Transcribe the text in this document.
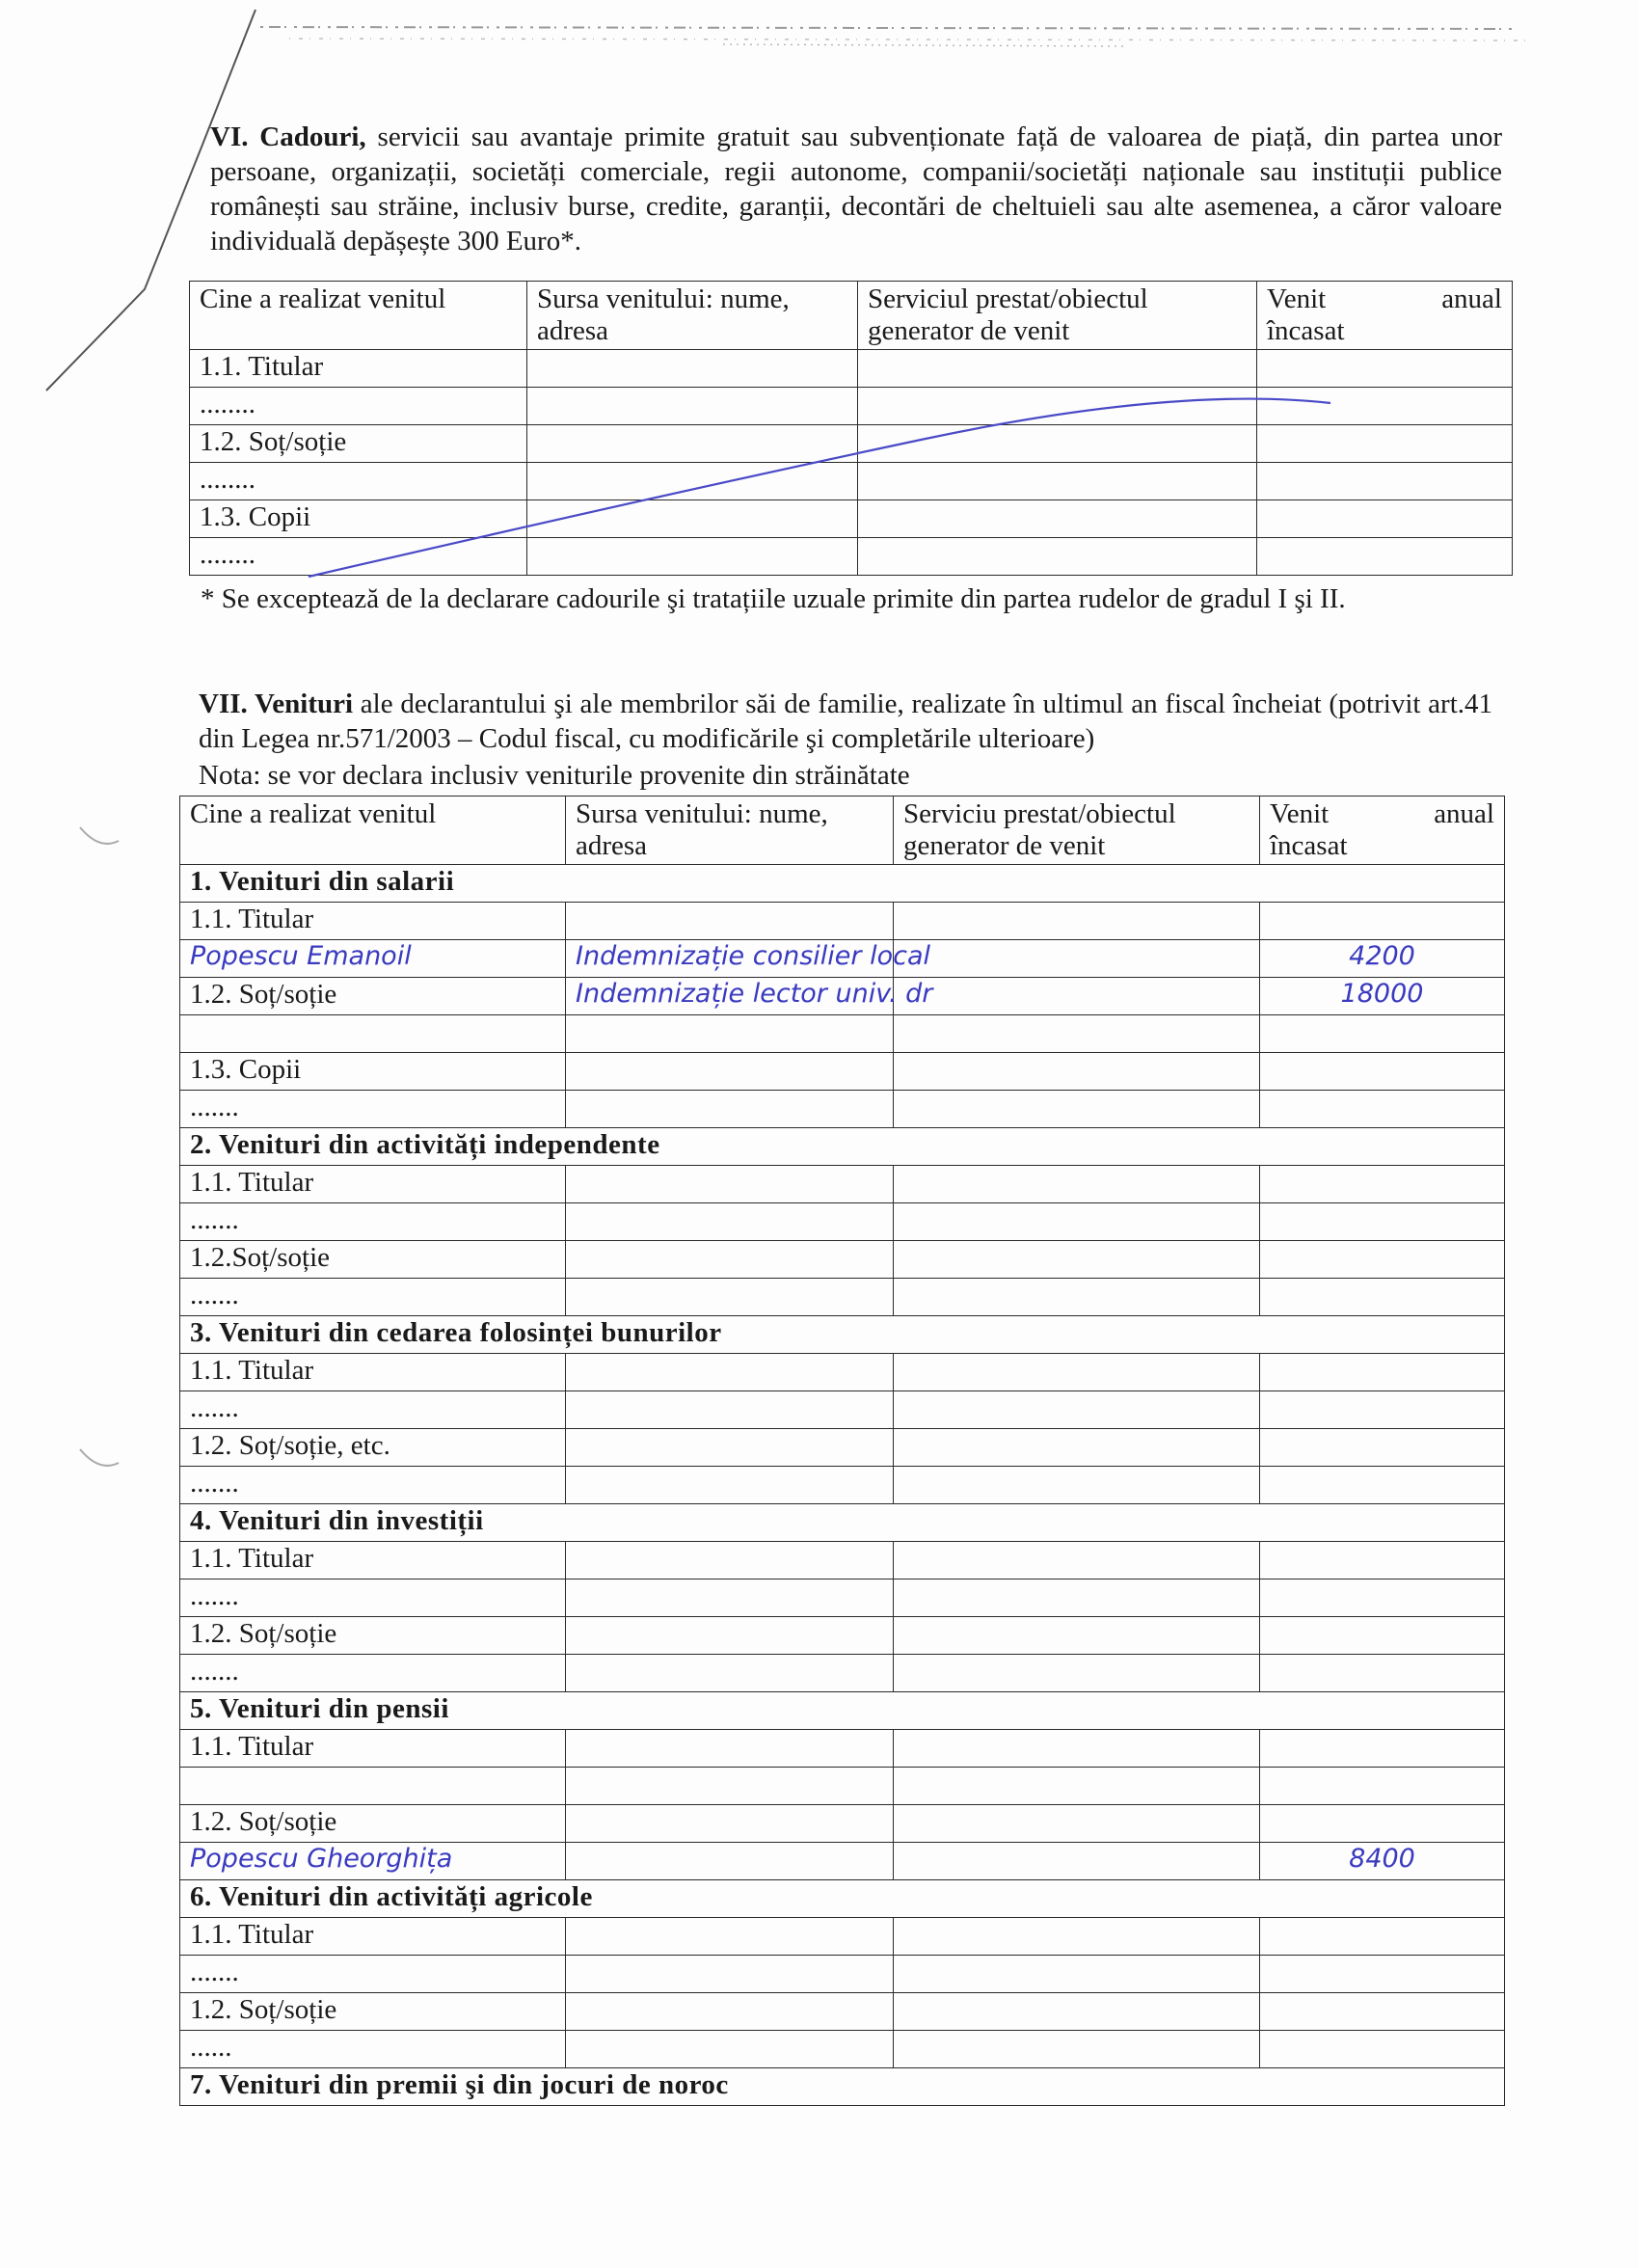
VI. Cadouri, servicii sau avantaje primite gratuit sau subvenționate față de valoarea de piață, din partea unor persoane, organizații, societăți comerciale, regii autonome, companii/societăți naționale sau instituții publice românești sau străine, inclusiv burse, credite, garanții, decontări de cheltuieli sau alte asemenea, a căror valoare individuală depășește 300 Euro*.
Cine a realizat venitul	Sursa venitului: nume, adresa	Serviciul prestat/obiectul generator de venit	Venit anual
încasat

1.1. Titular			
........			
1.2. Soț/soție			
........			
1.3. Copii			
........			
* Se exceptează de la declarare cadourile şi tratațiile uzuale primite din partea rudelor de gradul I şi II.
VII. Venituri ale declarantului şi ale membrilor săi de familie, realizate în ultimul an fiscal încheiat (potrivit art.41 din Legea nr.571/2003 – Codul fiscal, cu modificările şi completările ulterioare)
Nota: se vor declara inclusiv veniturile provenite din străinătate
Cine a realizat venitul	Sursa venitului: nume, adresa	Serviciu prestat/obiectul generator de venit	Venit anual
încasat

1. Venituri din salarii			
1.1. Titular			
Popescu Emanoil	Indemnizație consilier local		4200
1.2. Soț/soție	Indemnizație lector univ. dr		18000

1.3. Copii			
.......			
2. Venituri din activități independente			
1.1. Titular			
.......			
1.2.Soț/soție			
.......			
3. Venituri din cedarea folosinței bunurilor			
1.1. Titular			
.......			
1.2. Soț/soție, etc.			
.......			
4. Venituri din investiții			
1.1. Titular			
.......			
1.2. Soț/soție			
.......			
5. Venituri din pensii			
1.1. Titular			

1.2. Soț/soție			
Popescu Gheorghița			8400
6. Venituri din activități agricole			
1.1. Titular			
.......			
1.2. Soț/soție			
......			
7. Venituri din premii şi din jocuri de noroc			
